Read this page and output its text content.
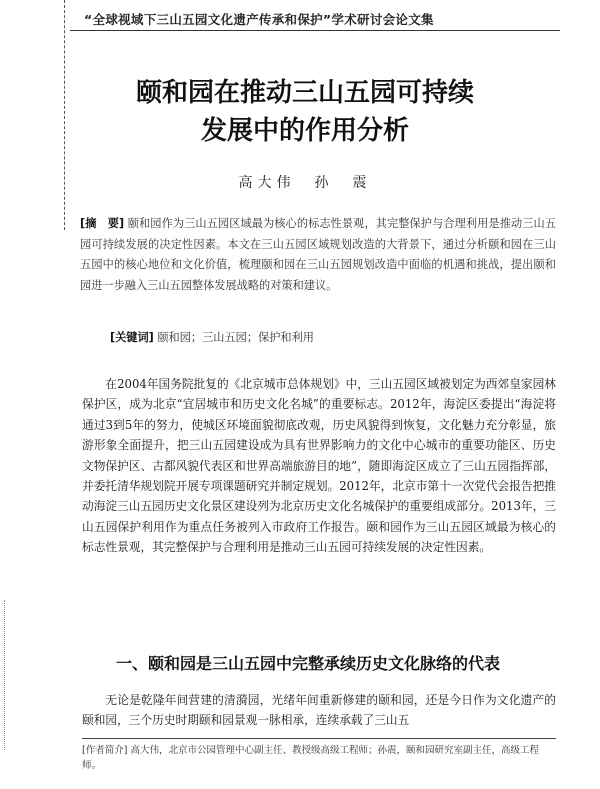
“全球视域下三山五园文化遗产传承和保护”学术研讨会论文集
颐和园在推动三山五园可持续
发展中的作用分析
高大伟　孙　震
[摘　要] 颐和园作为三山五园区域最为核心的标志性景观，其完整保护与合理利用是推动三山五园可持续发展的决定性因素。本文在三山五园区域规划改造的大背景下，通过分析颐和园在三山五园中的核心地位和文化价值，梳理颐和园在三山五园规划改造中面临的机遇和挑战，提出颐和园进一步融入三山五园整体发展战略的对策和建议。
[关键词] 颐和园；三山五园；保护和利用
在2004年国务院批复的《北京城市总体规划》中，三山五园区域被划定为西郊皇家园林保护区，成为北京“宜居城市和历史文化名城”的重要标志。2012年，海淀区委提出“海淀将通过3到5年的努力，使城区环境面貌彻底改观，历史风貌得到恢复，文化魅力充分彰显，旅游形象全面提升，把三山五园建设成为具有世界影响力的文化中心城市的重要功能区、历史文物保护区、古都风貌代表区和世界高端旅游目的地”，随即海淀区成立了三山五园指挥部，并委托清华规划院开展专项课题研究并制定规划。2012年，北京市第十一次党代会报告把推动海淀三山五园历史文化景区建设列为北京历史文化名城保护的重要组成部分。2013年，三山五园保护利用作为重点任务被列入市政府工作报告。颐和园作为三山五园区域最为核心的标志性景观，其完整保护与合理利用是推动三山五园可持续发展的决定性因素。
一、颐和园是三山五园中完整承续历史文化脉络的代表
无论是乾隆年间营建的清漪园，光绪年间重新修建的颐和园，还是今日作为文化遗产的颐和园，三个历史时期颐和园景观一脉相承，连续承载了三山五
[作者简介] 高大伟，北京市公园管理中心副主任、教授级高级工程师；孙震，颐和园研究室副主任，高级工程师。
